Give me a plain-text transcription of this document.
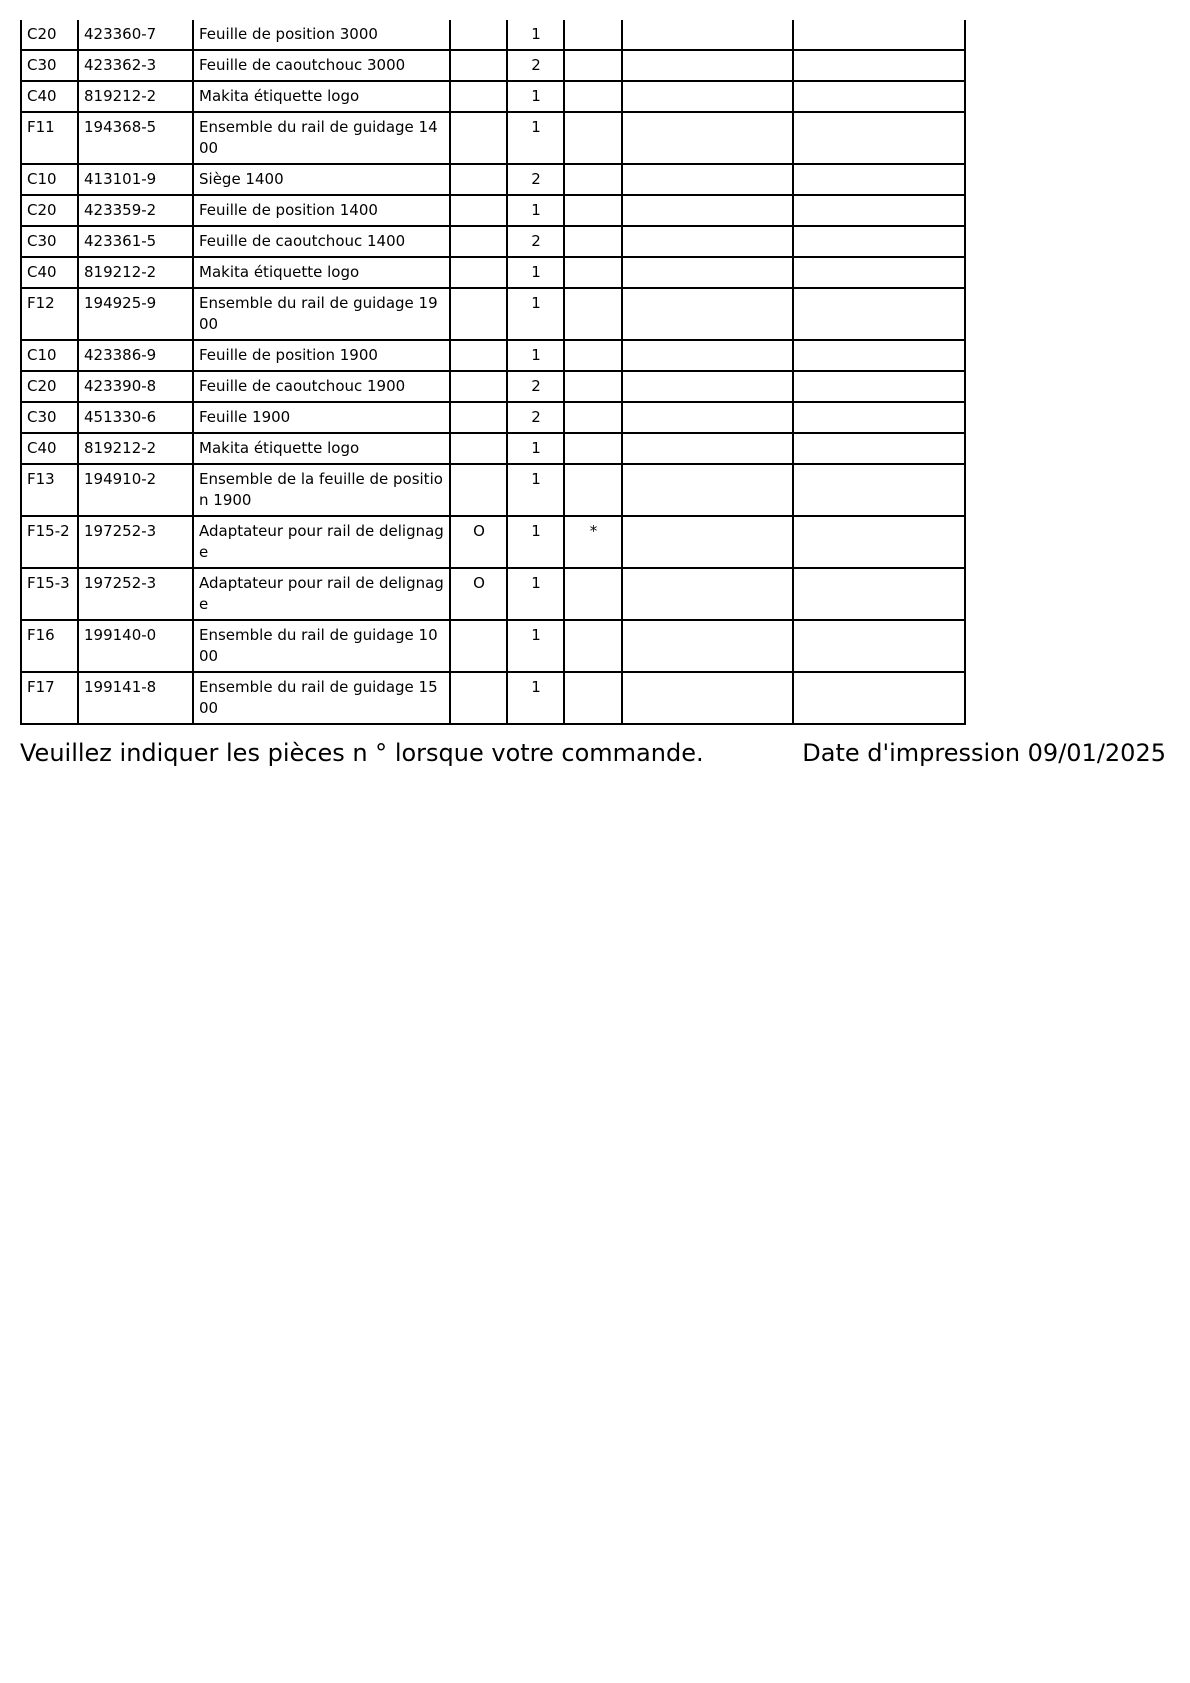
C20	423360-7	Feuille de position 3000		1			
C30	423362-3	Feuille de caoutchouc 3000		2			
C40	819212-2	Makita étiquette logo		1			
F11	194368-5	Ensemble du rail de guidage 1400		1			
C10	413101-9	Siège 1400		2			
C20	423359-2	Feuille de position 1400		1			
C30	423361-5	Feuille de caoutchouc 1400		2			
C40	819212-2	Makita étiquette logo		1			
F12	194925-9	Ensemble du rail de guidage 1900		1			
C10	423386-9	Feuille de position 1900		1			
C20	423390-8	Feuille de caoutchouc 1900		2			
C30	451330-6	Feuille 1900		2			
C40	819212-2	Makita étiquette logo		1			
F13	194910-2	Ensemble de la feuille de position 1900		1			
F15-2	197252-3	Adaptateur pour rail de delignage	O	1	*		
F15-3	197252-3	Adaptateur pour rail de delignage	O	1			
F16	199140-0	Ensemble du rail de guidage 1000		1			
F17	199141-8	Ensemble du rail de guidage 1500		1			
Veuillez indiquer les pièces n ° lorsque votre commande.	Date d'impression 09/01/2025
